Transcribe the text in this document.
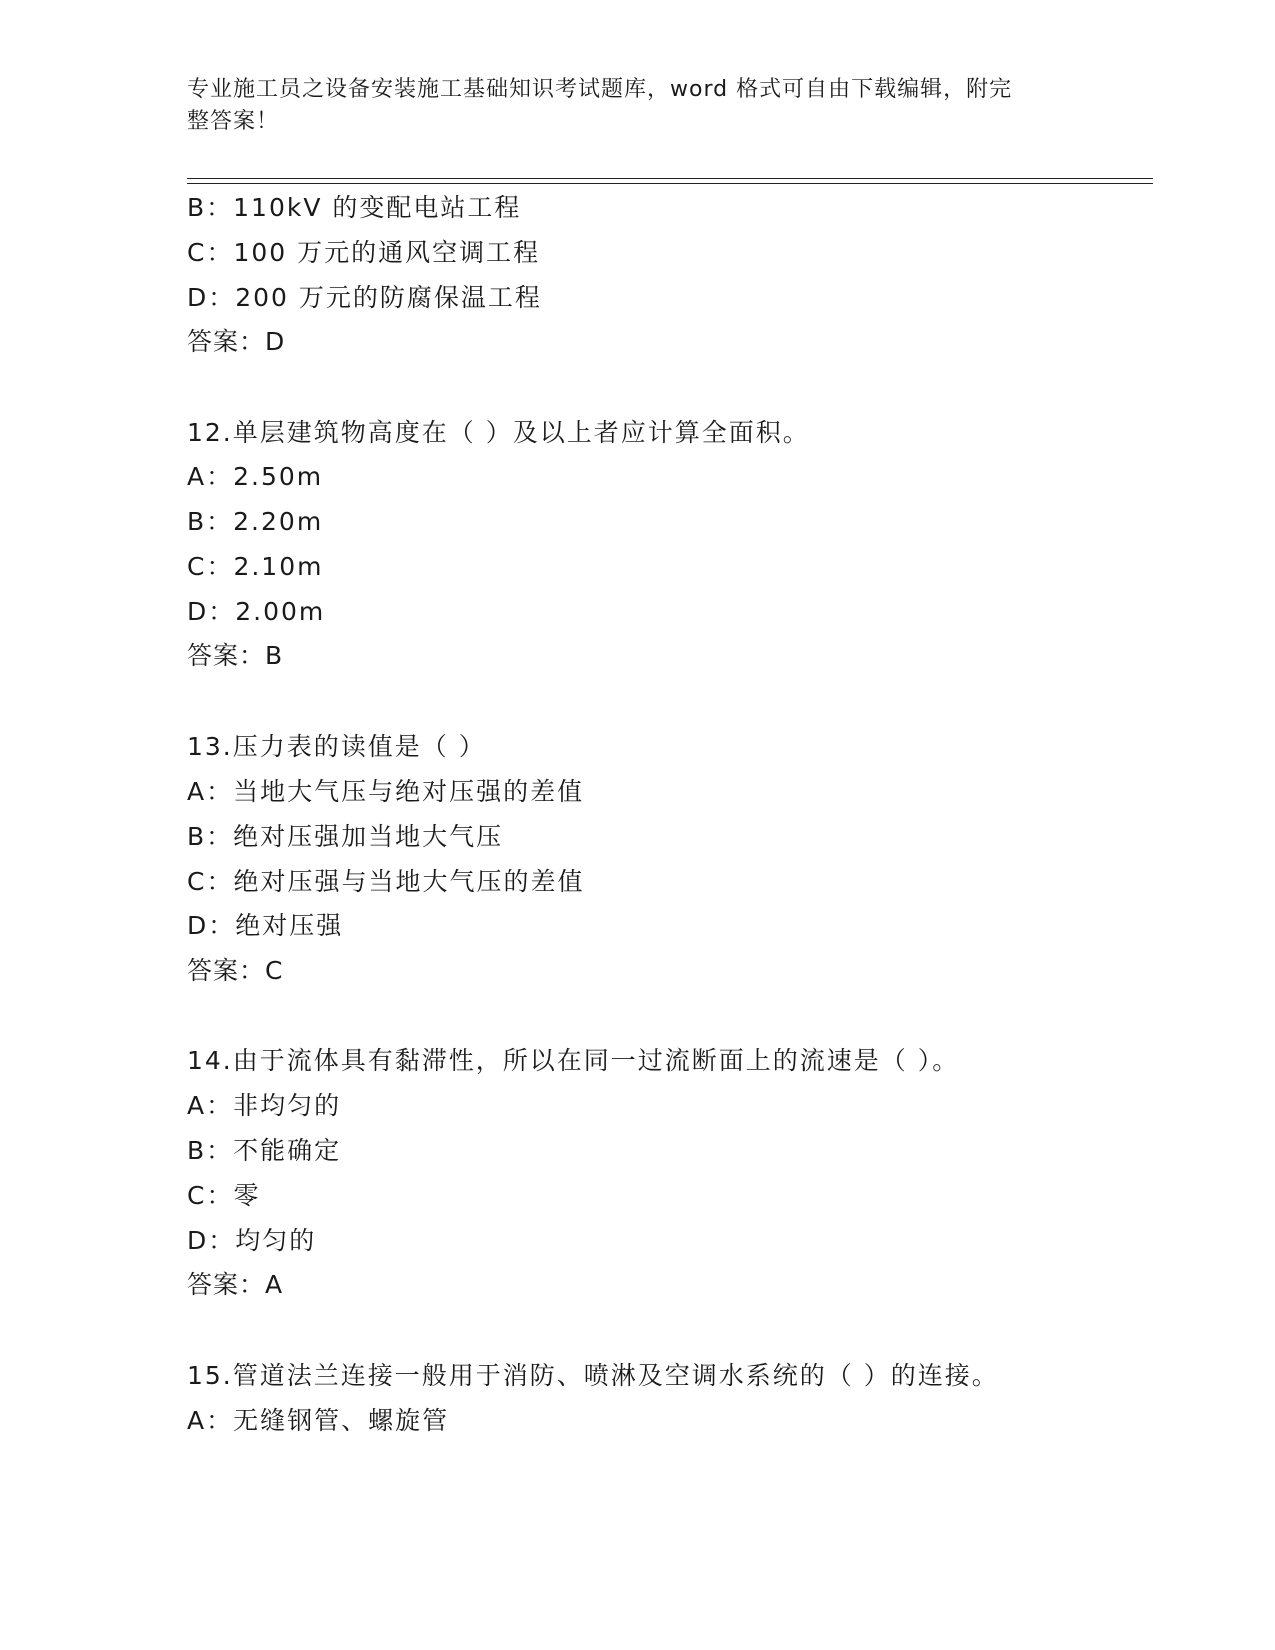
专业施工员之设备安装施工基础知识考试题库，word 格式可自由下载编辑，附完
整答案！
B：110kV 的变配电站工程
C：100 万元的通风空调工程
D：200 万元的防腐保温工程
答案：D
12.单层建筑物高度在（ ）及以上者应计算全面积。
A：2.50m
B：2.20m
C：2.10m
D：2.00m
答案：B
13.压力表的读值是（ ）
A：当地大气压与绝对压强的差值
B：绝对压强加当地大气压
C：绝对压强与当地大气压的差值
D：绝对压强
答案：C
14.由于流体具有黏滞性，所以在同一过流断面上的流速是（ ）。
A：非均匀的
B：不能确定
C：零
D：均匀的
答案：A
15.管道法兰连接一般用于消防、喷淋及空调水系统的（ ）的连接。
A：无缝钢管、螺旋管
